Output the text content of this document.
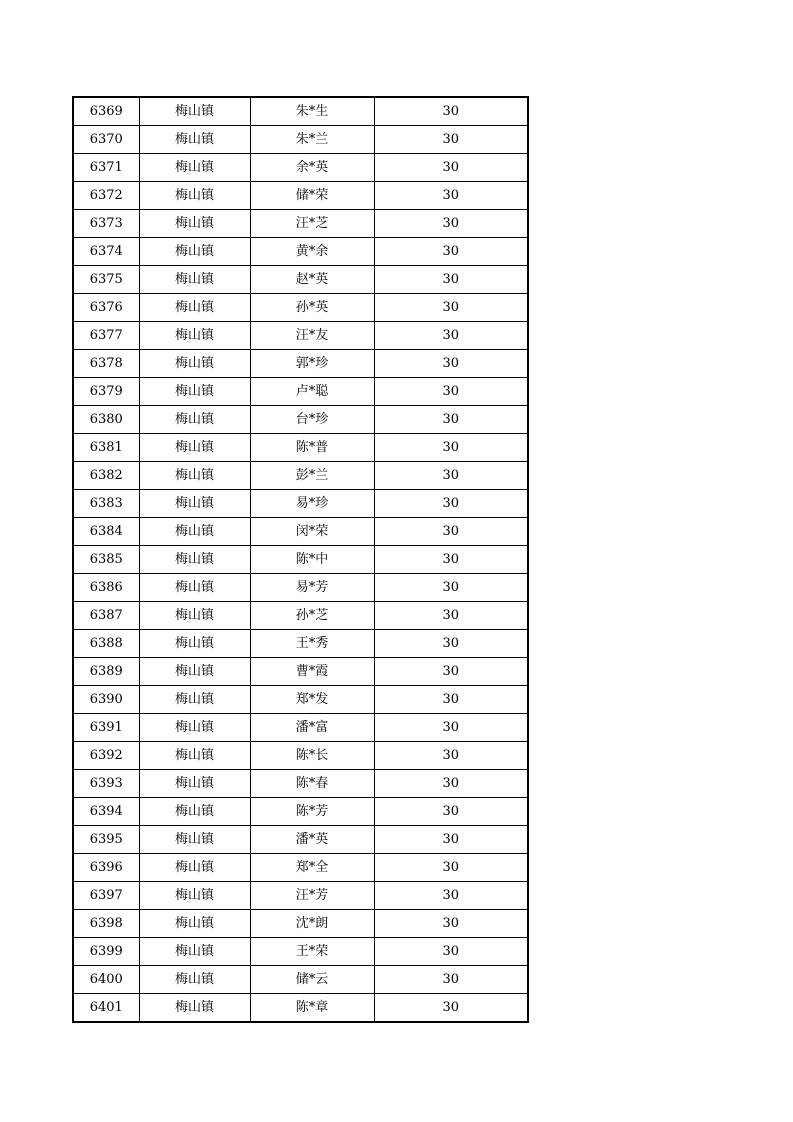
6369	梅山镇	朱*生	30
6370	梅山镇	朱*兰	30
6371	梅山镇	余*英	30
6372	梅山镇	储*荣	30
6373	梅山镇	汪*芝	30
6374	梅山镇	黄*余	30
6375	梅山镇	赵*英	30
6376	梅山镇	孙*英	30
6377	梅山镇	汪*友	30
6378	梅山镇	郭*珍	30
6379	梅山镇	卢*聪	30
6380	梅山镇	台*珍	30
6381	梅山镇	陈*普	30
6382	梅山镇	彭*兰	30
6383	梅山镇	易*珍	30
6384	梅山镇	闵*荣	30
6385	梅山镇	陈*中	30
6386	梅山镇	易*芳	30
6387	梅山镇	孙*芝	30
6388	梅山镇	王*秀	30
6389	梅山镇	曹*霞	30
6390	梅山镇	郑*发	30
6391	梅山镇	潘*富	30
6392	梅山镇	陈*长	30
6393	梅山镇	陈*春	30
6394	梅山镇	陈*芳	30
6395	梅山镇	潘*英	30
6396	梅山镇	郑*全	30
6397	梅山镇	汪*芳	30
6398	梅山镇	沈*朗	30
6399	梅山镇	王*荣	30
6400	梅山镇	储*云	30
6401	梅山镇	陈*章	30
